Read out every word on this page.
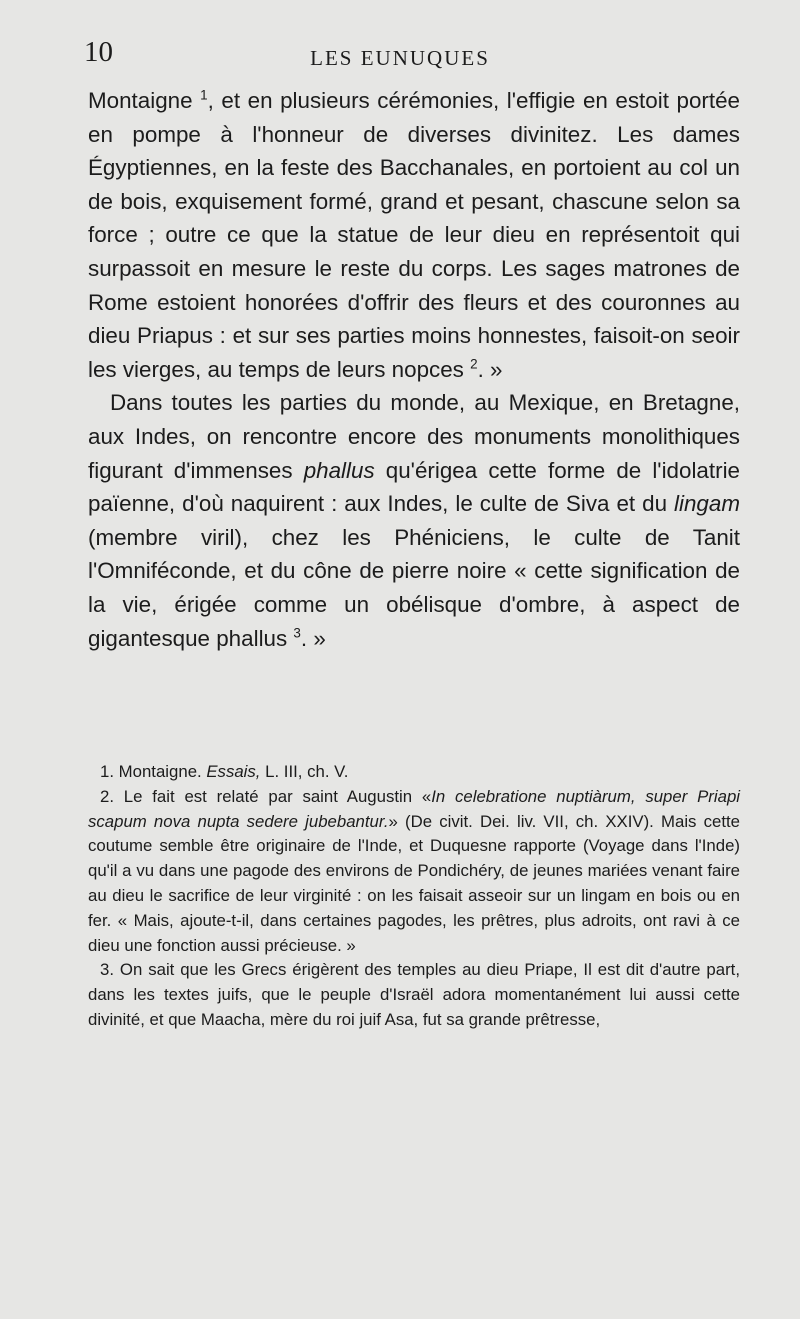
10	LES EUNUQUES

Montaigne $^1$, et en plusieurs cérémonies, l'effigie en estoit portée en pompe à l'honneur de diverses divinitez. Les dames Égyptiennes, en la feste des Bacchanales, en portoient au col un de bois, exquisement formé, grand et pesant, chascune selon sa force ; outre ce que la statue de leur dieu en représentoit qui surpassoit en mesure le reste du corps. Les sages matrones de Rome estoient honorées d'offrir des fleurs et des couronnes au dieu Priapus : et sur ses parties moins honnestes, faisoit-on seoir les vierges, au temps de leurs nopces $^2$. »

Dans toutes les parties du monde, au Mexique, en Bretagne, aux Indes, on rencontre encore des monuments monolithiques figurant d'immenses phallus qu'érigea cette forme de l'idolatrie païenne, d'où naquirent : aux Indes, le culte de Siva et du lingam (membre viril), chez les Phéniciens, le culte de Tanit l'Omniféconde, et du cône de pierre noire « cette signification de la vie, érigée comme un obélisque d'ombre, à aspect de gigantesque phallus $^3$. »

1. Montaigne. Essais, L. III, ch. V.

2. Le fait est relaté par saint Augustin «In celebratione nuptiàrum, super Priapi scapum nova nupta sedere jubebantur.» (De civit. Dei. liv. VII, ch. XXIV). Mais cette coutume semble être originaire de l'Inde, et Duquesne rapporte (Voyage dans l'Inde) qu'il a vu dans une pagode des environs de Pondichéry, de jeunes mariées venant faire au dieu le sacrifice de leur virginité : on les faisait asseoir sur un lingam en bois ou en fer. « Mais, ajoute-t-il, dans certaines pagodes, les prêtres, plus adroits, ont ravi à ce dieu une fonction aussi précieuse. »

3. On sait que les Grecs érigèrent des temples au dieu Priape, Il est dit d'autre part, dans les textes juifs, que le peuple d'Israël adora momentanément lui aussi cette divinité, et que Maacha, mère du roi juif Asa, fut sa grande prêtresse,
